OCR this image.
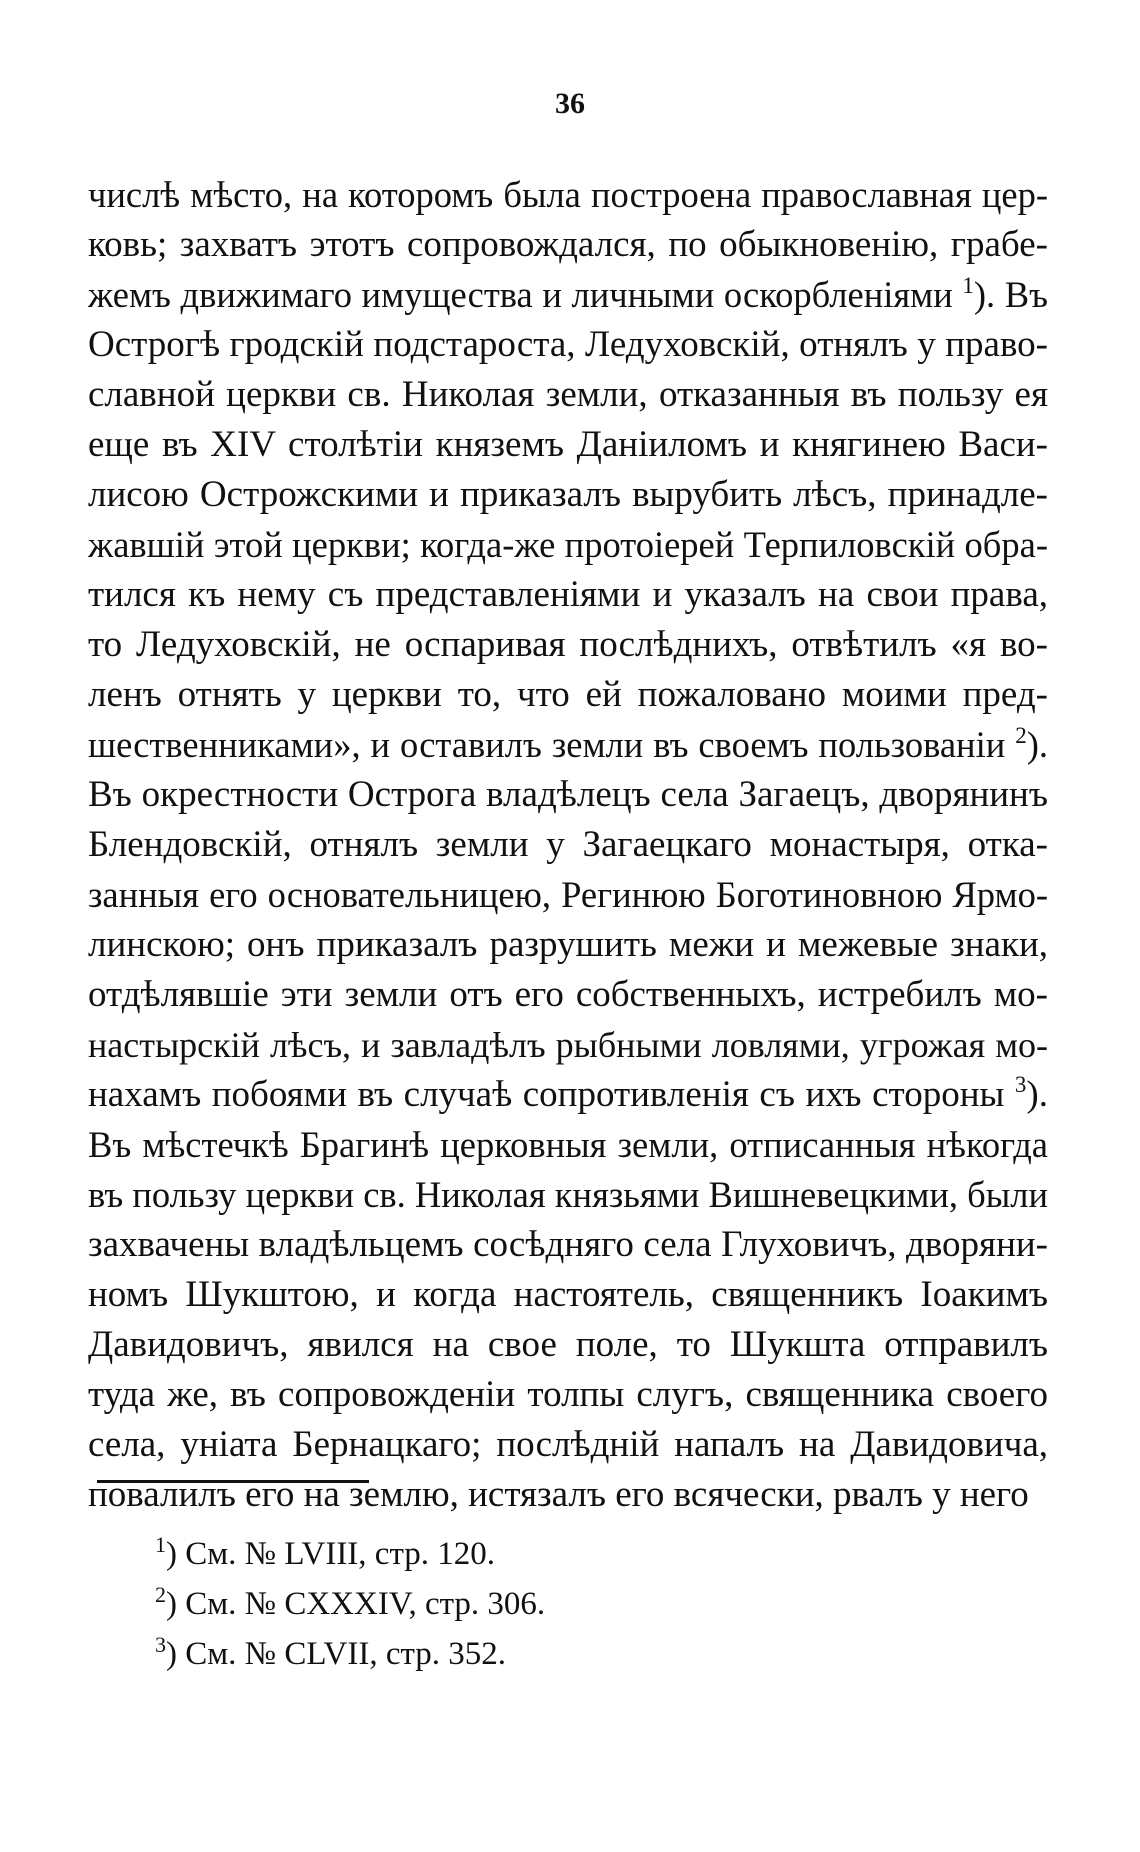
36
числѣ мѣсто, на которомъ была построена православная цер-
ковь; захватъ этотъ сопровождался, по обыкновенію, грабе-
жемъ движимаго имущества и личными оскорбленіями $^1$). Въ
Острогѣ гродскій подстароста, Ледуховскій, отнялъ у право-
славной церкви св. Николая земли, отказанныя въ пользу ея
еще въ XIV столѣтіи княземъ Даніиломъ и княгинею Васи-
лисою Острожскими и приказалъ вырубить лѣсъ, принадле-
жавшій этой церкви; когда-же протоіерей Терпиловскій обра-
тился къ нему съ представленіями и указалъ на свои права,
то Ледуховскій, не оспаривая послѣднихъ, отвѣтилъ «я во-
ленъ отнять у церкви то, что ей пожаловано моими пред-
шественниками», и оставилъ земли въ своемъ пользованіи $^2$).
Въ окрестности Острога владѣлецъ села Загаецъ, дворянинъ
Блендовскій, отнялъ земли у Загаецкаго монастыря, отка-
занныя его основательницею, Регинюю Боготиновною Ярмо-
линскою; онъ приказалъ разрушить межи и межевые знаки,
отдѣлявшіе эти земли отъ его собственныхъ, истребилъ мо-
настырскій лѣсъ, и завладѣлъ рыбными ловлями, угрожая мо-
нахамъ побоями въ случаѣ сопротивленія съ ихъ стороны $^3$).
Въ мѣстечкѣ Брагинѣ церковныя земли, отписанныя нѣкогда
въ пользу церкви св. Николая князьями Вишневецкими, были
захвачены владѣльцемъ сосѣдняго села Глуховичъ, дворяни-
номъ Шукштою, и когда настоятель, священникъ Іоакимъ
Давидовичъ, явился на свое поле, то Шукшта отправилъ
туда же, въ сопровожденіи толпы слугъ, священника своего
села, уніата Бернацкаго; послѣдній напалъ на Давидовича,
повалилъ его на землю, истязалъ его всячески, рвалъ у него
$^1$) См. № LVIII, стр. 120.
$^2$) См. № CXXXIV, стр. 306.
$^3$) См. № CLVII, стр. 352.
